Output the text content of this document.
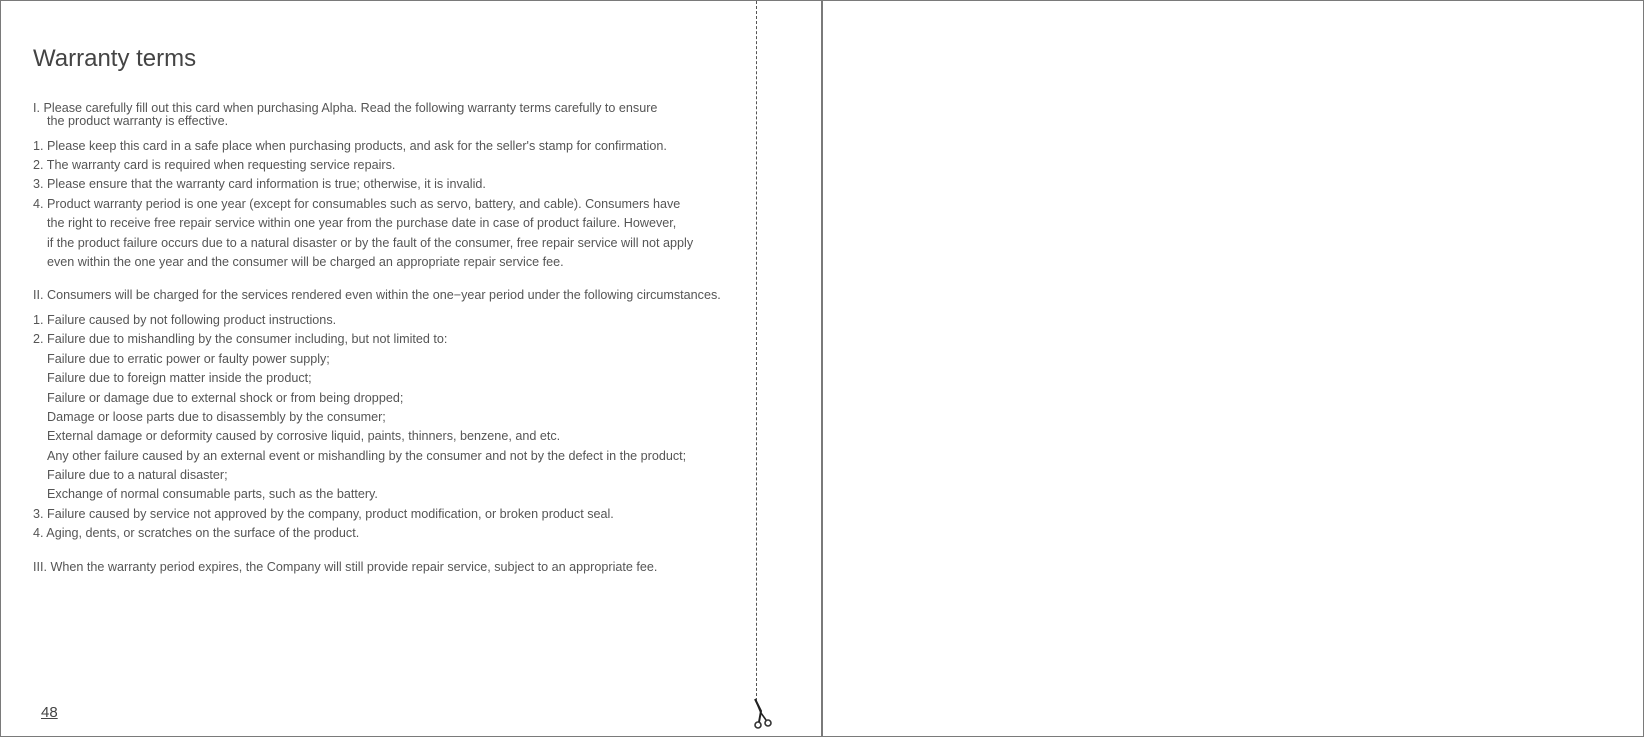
Warranty terms
I. Please carefully fill out this card when purchasing Alpha. Read the following warranty terms carefully to ensure
the product warranty is effective.
1. Please keep this card in a safe place when purchasing products, and ask for the seller's stamp for confirmation.
2. The warranty card is required when requesting service repairs.
3. Please ensure that the warranty card information is true; otherwise, it is invalid.
4. Product warranty period is one year (except for consumables such as servo, battery, and cable). Consumers have
the right to receive free repair service within one year from the purchase date in case of product failure. However,
if the product failure occurs due to a natural disaster or by the fault of the consumer, free repair service will not apply
even within the one year and the consumer will be charged an appropriate repair service fee.
II. Consumers will be charged for the services rendered even within the one−year period under the following circumstances.
1. Failure caused by not following product instructions.
2. Failure due to mishandling by the consumer including, but not limited to:
Failure due to erratic power or faulty power supply;
Failure due to foreign matter inside the product;
Failure or damage due to external shock or from being dropped;
Damage or loose parts due to disassembly by the consumer;
External damage or deformity caused by corrosive liquid, paints, thinners, benzene, and etc.
Any other failure caused by an external event or mishandling by the consumer and not by the defect in the product;
Failure due to a natural disaster;
Exchange of normal consumable parts, such as the battery.
3. Failure caused by service not approved by the company, product modification, or broken product seal.
4. Aging, dents, or scratches on the surface of the product.
III. When the warranty period expires, the Company will still provide repair service, subject to an appropriate fee.
48
